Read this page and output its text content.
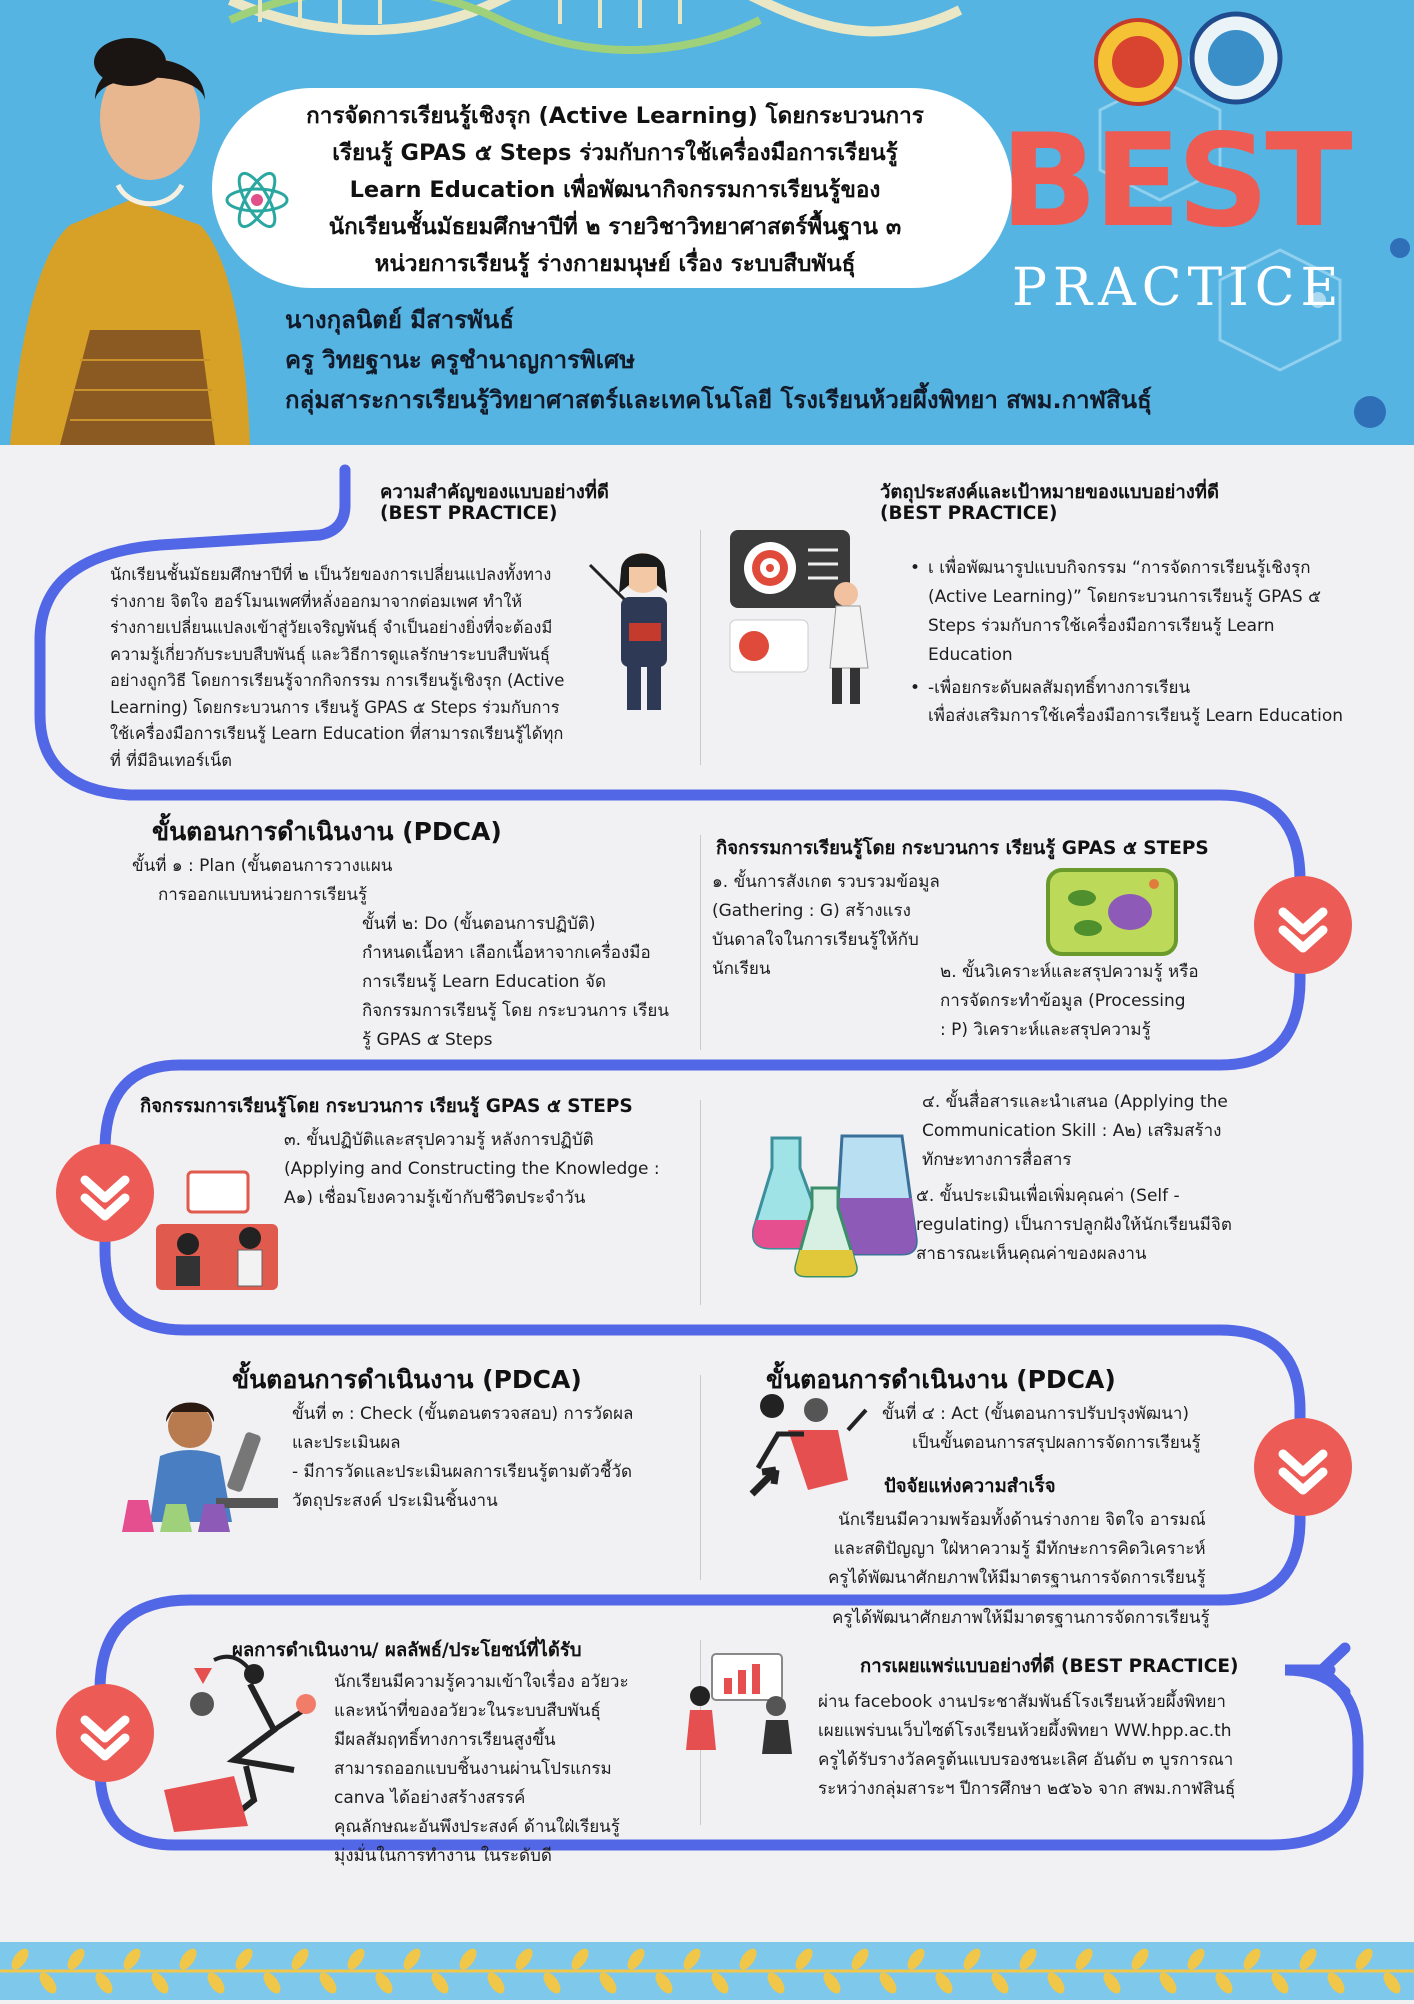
การจัดการเรียนรู้เชิงรุก (Active Learning) โดยกระบวนการ
เรียนรู้ GPAS ๕ Steps ร่วมกับการใช้เครื่องมือการเรียนรู้
Learn Education เพื่อพัฒนากิจกรรมการเรียนรู้ของ
นักเรียนชั้นมัธยมศึกษาปีที่ ๒ รายวิชาวิทยาศาสตร์พื้นฐาน ๓
หน่วยการเรียนรู้ ร่างกายมนุษย์ เรื่อง ระบบสืบพันธุ์
นางกุลนิตย์ มีสารพันธ์
ครู วิทยฐานะ ครูชำนาญการพิเศษ
กลุ่มสาระการเรียนรู้วิทยาศาสตร์และเทคโนโลยี โรงเรียนห้วยผึ้งพิทยา สพม.กาฬสินธุ์
BEST
PRACTICE
ความสำคัญของแบบอย่างที่ดี
(BEST PRACTICE)
นักเรียนชั้นมัธยมศึกษาปีที่ ๒ เป็นวัยของการเปลี่ยนแปลงทั้งทาง
ร่างกาย จิตใจ ฮอร์โมนเพศที่หลั่งออกมาจากต่อมเพศ ทำให้
ร่างกายเปลี่ยนแปลงเข้าสู่วัยเจริญพันธุ์ จำเป็นอย่างยิ่งที่จะต้องมี
ความรู้เกี่ยวกับระบบสืบพันธุ์ และวิธีการดูแลรักษาระบบสืบพันธุ์
อย่างถูกวิธี โดยการเรียนรู้จากกิจกรรม การเรียนรู้เชิงรุก (Active
Learning) โดยกระบวนการ เรียนรู้ GPAS ๕ Steps ร่วมกับการ
ใช้เครื่องมือการเรียนรู้ Learn Education ที่สามารถเรียนรู้ได้ทุก
ที่ ที่มีอินเทอร์เน็ต
วัตถุประสงค์และเป้าหมายของแบบอย่างที่ดี
(BEST PRACTICE)
• เ เพื่อพัฒนารูปแบบกิจกรรม “การจัดการเรียนรู้เชิงรุก
(Active Learning)” โดยกระบวนการเรียนรู้ GPAS ๕
Steps ร่วมกับการใช้เครื่องมือการเรียนรู้ Learn
Education
• -เพื่อยกระดับผลสัมฤทธิ์ทางการเรียน
เพื่อส่งเสริมการใช้เครื่องมือการเรียนรู้ Learn Education
ขั้นตอนการดำเนินงาน (PDCA)
ขั้นที่ ๑ : Plan (ขั้นตอนการวางแผน
การออกแบบหน่วยการเรียนรู้
ขั้นที่ ๒: Do (ขั้นตอนการปฏิบัติ)
กำหนดเนื้อหา เลือกเนื้อหาจากเครื่องมือ
การเรียนรู้ Learn Education จัด
กิจกรรมการเรียนรู้ โดย กระบวนการ เรียน
รู้ GPAS ๕ Steps
กิจกรรมการเรียนรู้โดย กระบวนการ เรียนรู้ GPAS ๕ STEPS
๑. ขั้นการสังเกต รวบรวมข้อมูล
(Gathering : G) สร้างแรง
บันดาลใจในการเรียนรู้ให้กับ
นักเรียน	๒. ขั้นวิเคราะห์และสรุปความรู้ หรือ
การจัดกระทำข้อมูล (Processing
: P) วิเคราะห์และสรุปความรู้
กิจกรรมการเรียนรู้โดย กระบวนการ เรียนรู้ GPAS ๕ STEPS
๓. ขั้นปฏิบัติและสรุปความรู้ หลังการปฏิบัติ
(Applying and Constructing the Knowledge :
A๑) เชื่อมโยงความรู้เข้ากับชีวิตประจำวัน
๔. ขั้นสื่อสารและนำเสนอ (Applying the
Communication Skill : A๒) เสริมสร้าง
ทักษะทางการสื่อสาร
๕. ขั้นประเมินเพื่อเพิ่มคุณค่า (Self -
regulating) เป็นการปลูกฝังให้นักเรียนมีจิต
สาธารณะเห็นคุณค่าของผลงาน
ขั้นตอนการดำเนินงาน (PDCA)
ขั้นที่ ๓ : Check (ขั้นตอนตรวจสอบ) การวัดผล
และประเมินผล
- มีการวัดและประเมินผลการเรียนรู้ตามตัวชี้วัด
วัตถุประสงค์ ประเมินชิ้นงาน
ขั้นตอนการดำเนินงาน (PDCA)
ขั้นที่ ๔ : Act (ขั้นตอนการปรับปรุงพัฒนา)
เป็นขั้นตอนการสรุปผลการจัดการเรียนรู้
ปัจจัยแห่งความสำเร็จ
นักเรียนมีความพร้อมทั้งด้านร่างกาย จิตใจ อารมณ์
และสติปัญญา ใฝ่หาความรู้ มีทักษะการคิดวิเคราะห์
ครูได้พัฒนาศักยภาพให้มีมาตรฐานการจัดการเรียนรู้
ผลการดำเนินงาน/ ผลลัพธ์/ประโยชน์ที่ได้รับ
นักเรียนมีความรู้ความเข้าใจเรื่อง อวัยวะ
และหน้าที่ของอวัยวะในระบบสืบพันธุ์
มีผลสัมฤทธิ์ทางการเรียนสูงขึ้น
สามารถออกแบบชิ้นงานผ่านโปรแกรม
canva ได้อย่างสร้างสรรค์
คุณลักษณะอันพึงประสงค์ ด้านใฝ่เรียนรู้
มุ่งมั่นในการทำงาน ในระดับดี
ครูได้พัฒนาศักยภาพให้มีมาตรฐานการจัดการเรียนรู้
การเผยแพร่แบบอย่างที่ดี (BEST PRACTICE)
ผ่าน facebook งานประชาสัมพันธ์โรงเรียนห้วยผึ้งพิทยา
เผยแพร่บนเว็บไซต์โรงเรียนห้วยผึ้งพิทยา WW.hpp.ac.th
ครูได้รับรางวัลครูต้นแบบรองชนะเลิศ อันดับ ๓ บูรการณา
ระหว่างกลุ่มสาระฯ ปีการศึกษา ๒๕๖๖ จาก สพม.กาฬสินธุ์
